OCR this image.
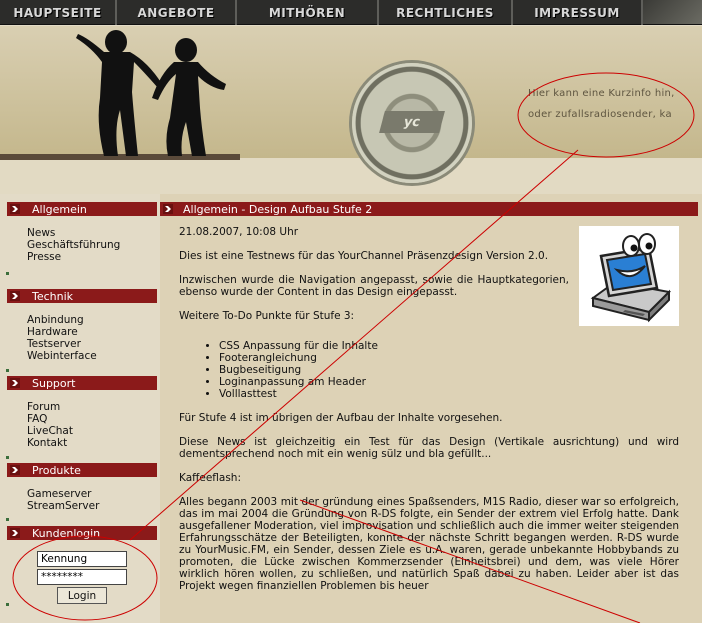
HAUPTSEITE	ANGEBOTE	MITHÖREN	RECHTLICHES	IMPRESSUM
yc
Hier kann eine Kurzinfo hin,
oder zufallsradiosender, ka
Allgemein
News
Geschäftsführung
Presse
Technik
Anbindung
Hardware
Testserver
Webinterface
Support
Forum
FAQ
LiveChat
Kontakt
Produkte
Gameserver
StreamServer
Kundenlogin
Kennung
********
Login
Allgemein - Design Aufbau Stufe 2

21.08.2007, 10:08 Uhr

Dies ist eine Testnews für das YourChannel Präsenzdesign Version 2.0.

Inzwischen wurde die Navigation angepasst, sowie die Hauptkategorien, ebenso wurde der Content in das Design eingepasst.

Weitere To-Do Punkte für Stufe 3:

• CSS Anpassung für die Inhalte
• Footerangleichung
• Bugbeseitigung
• Loginanpassung am Header
• Volllasttest

Für Stufe 4 ist im übrigen der Aufbau der Inhalte vorgesehen.

Diese News ist gleichzeitig ein Test für das Design (Vertikale ausrichtung) und wird dementsprechend noch mit ein wenig sülz und bla gefüllt...

Kaffeeflash:

Alles begann 2003 mit der gründung eines Spaßsenders, M1S Radio, dieser war so erfolgreich, das im mai 2004 die Gründung von R-DS folgte, ein Sender der extrem viel Erfolg hatte. Dank ausgefallener Moderation, viel improvisation und schließlich auch die immer weiter steigenden Erfahrungsschätze der Beteiligten, konnte der nächste Schritt begangen werden. R-DS wurde zu YourMusic.FM, ein Sender, dessen Ziele es u.A. waren, gerade unbekannte Hobbybands zu promoten, die Lücke zwischen Kommerzsender (Einheitsbrei) und dem, was viele Hörer wirklich hören wollen, zu schließen, und natürlich Spaß dabei zu haben. Leider aber ist das Projekt wegen finanziellen Problemen bis heuer
